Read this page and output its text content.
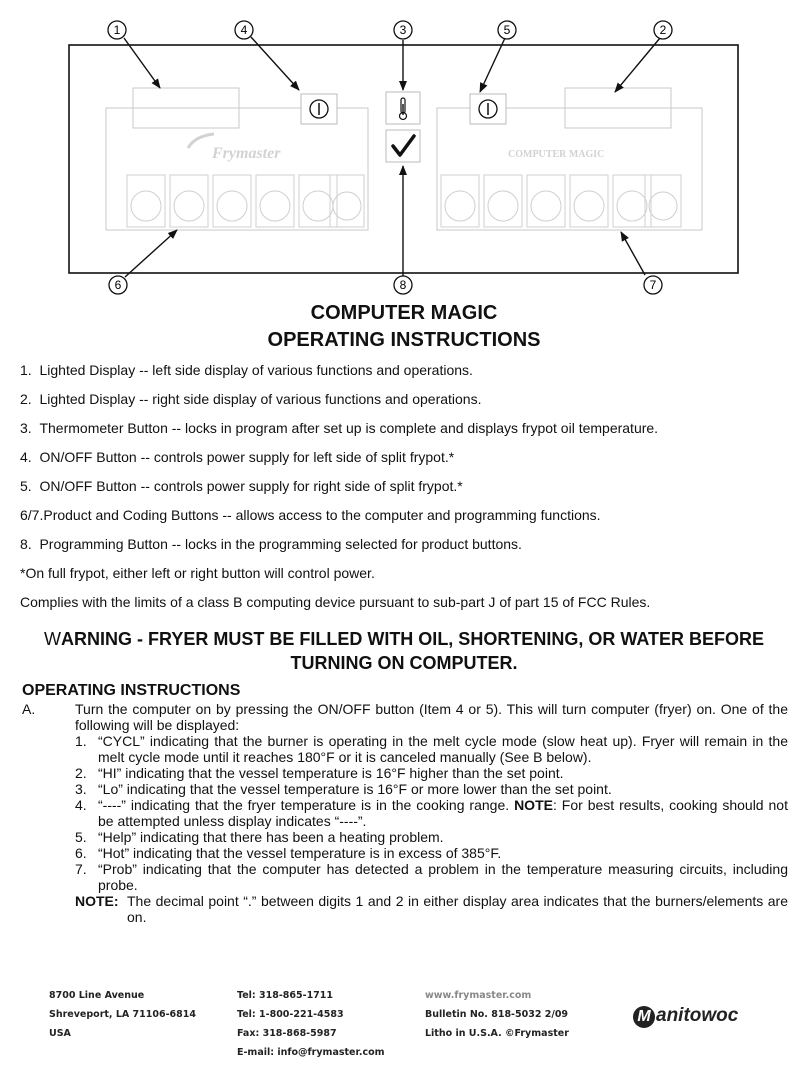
Frymaster	COMPUTER MAGIC
1	4	3	5	2
6	8	7
COMPUTER MAGIC
OPERATING INSTRUCTIONS

1. Lighted Display -- left side display of various functions and operations.

2. Lighted Display -- right side display of various functions and operations.

3. Thermometer Button -- locks in program after set up is complete and displays frypot oil temperature.

4. ON/OFF Button -- controls power supply for left side of split frypot.*

5. ON/OFF Button -- controls power supply for right side of split frypot.*

6/7.Product and Coding Buttons -- allows access to the computer and programming functions.

8. Programming Button -- locks in the programming selected for product buttons.

*On full frypot, either left or right button will control power.

Complies with the limits of a class B computing device pursuant to sub-part J of part 15 of FCC Rules.

WARNING - FRYER MUST BE FILLED WITH OIL, SHORTENING, OR WATER BEFORE TURNING ON COMPUTER.
OPERATING INSTRUCTIONS
A.	Turn the computer on by pressing the ON/OFF button (Item 4 or 5). This will turn computer (fryer) on. One of the following will be displayed:
1. “CYCL” indicating that the burner is operating in the melt cycle mode (slow heat up). Fryer will remain in the melt cycle mode until it reaches 180°F or it is canceled manually (See B below).
2. “HI” indicating that the vessel temperature is 16°F higher than the set point.
3. “Lo” indicating that the vessel temperature is 16°F or more lower than the set point.
4. “----” indicating that the fryer temperature is in the cooking range. NOTE: For best results, cooking should not be attempted unless display indicates “----”.
5. “Help” indicating that there has been a heating problem.
6. “Hot” indicating that the vessel temperature is in excess of 385°F.
7. “Prob” indicating that the computer has detected a problem in the temperature measuring circuits, including probe.
NOTE: The decimal point “.” between digits 1 and 2 in either display area indicates that the burners/elements are on.
8700 Line Avenue
Shreveport, LA 71106-6814
USA
Tel: 318-865-1711
Tel: 1-800-221-4583
Fax: 318-868-5987
E-mail: info@frymaster.com
www.frymaster.com
Bulletin No. 818-5032 2/09
Litho in U.S.A. ©Frymaster
M anitowoc
